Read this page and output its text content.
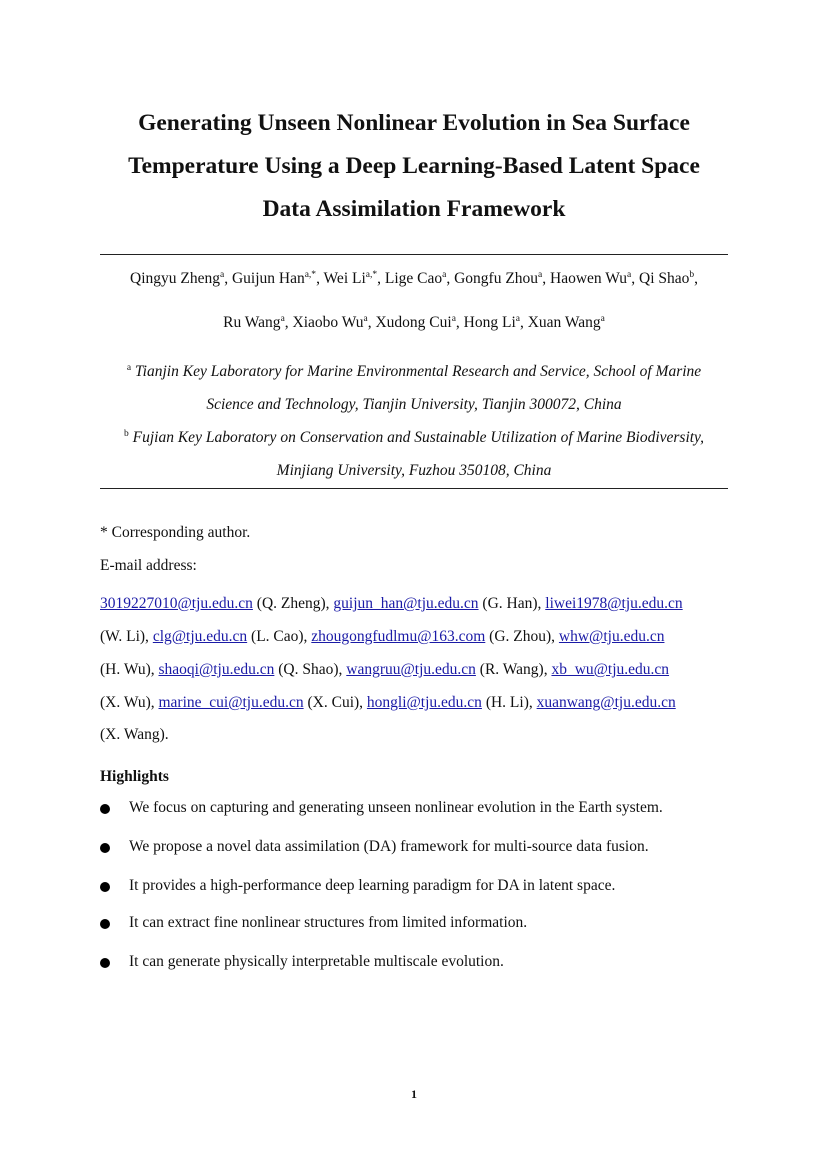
Generating Unseen Nonlinear Evolution in Sea Surface
Temperature Using a Deep Learning-Based Latent Space
Data Assimilation Framework
Qingyu Zheng$^a$, Guijun Han$^{a,*}$, Wei $Li^{a,*}$, Lige Cao$^a$, Gongfu Zhou$^a$, Haowen Wu$^a$, Qi Shao$^b$,
Ru Wang$^a$, Xiaobo Wu$^a$, Xudong Cui$^a$, Hong Li$^a$, Xuan Wang$^a$
$^a$ Tianjin Key Laboratory for Marine Environmental Research and Service, School of Marine
Science and Technology, Tianjin University, Tianjin 300072, China
$^b$ Fujian Key Laboratory on Conservation and Sustainable Utilization of Marine Biodiversity,
Minjiang University, Fuzhou 350108, China
* Corresponding author.
E-mail address:
3019227010@tju.edu.cn (Q. Zheng), guijun_han@tju.edu.cn (G. Han), liwei1978@tju.edu.cn
(W. Li), clg@tju.edu.cn (L. Cao), zhougongfudlmu@163.com (G. Zhou), whw@tju.edu.cn
(H. Wu), shaoqi@tju.edu.cn (Q. Shao), wangruu@tju.edu.cn (R. Wang), xb_wu@tju.edu.cn
(X. Wu), marine_cui@tju.edu.cn (X. Cui), hongli@tju.edu.cn (H. Li), xuanwang@tju.edu.cn
(X. Wang).
Highlights
We focus on capturing and generating unseen nonlinear evolution in the Earth system.
We propose a novel data assimilation (DA) framework for multi-source data fusion.
It provides a high-performance deep learning paradigm for DA in latent space.
It can extract fine nonlinear structures from limited information.
It can generate physically interpretable multiscale evolution.
1
